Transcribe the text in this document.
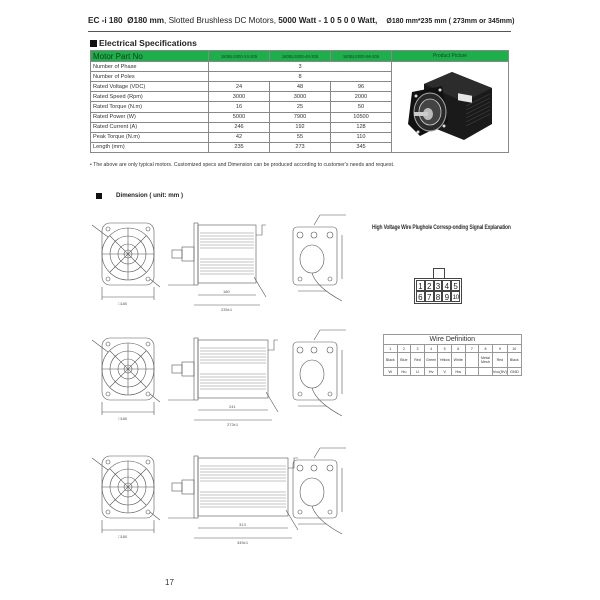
EC -i 180 Ø180 mm, Slotted Brushless DC Motors, 5000 Watt - 1 0 5 0 0 Watt, Ø180 mm*235 mm ( 273mm or 345mm)
Electrical Specifications
Motor Part No	180BLS000-24-305	180BLS000-48-305	180BLS000-96-305	Product Picture
Number of Phase	3	
Number of Poles	8			
Rated Voltage (VDC)	24	48	96	
Rated Speed (Rpm)	3000	3000	2000	
Rated Torque (N.m)	16	25	50	
Rated Power (W)	5000	7900	10500	
Rated Current (A)	246	192	128	
Peak Torque (N.m)	42	55	110	
Length (mm)	235	273	345	
• The above are only typical motors. Customized specs and Dimension can be produced according to customer's needs and request.
Dimension ( unit: mm )
□180
180
235±1
□180
241
273±1
□180
313
345±1
High Voltage Wire Plughole Corresp-onding Signal Explanation
1 2 3 4 5
6 7 8 9 10
Wire Definition									
1	2	3	4	5	6	7	8	9	10
Black	Blue	Red	Green	Yellow	White		Metal Mesh	Red	Black
W	Hu	U	Hv	V	Hw			Vcc(5V)	GND
17
